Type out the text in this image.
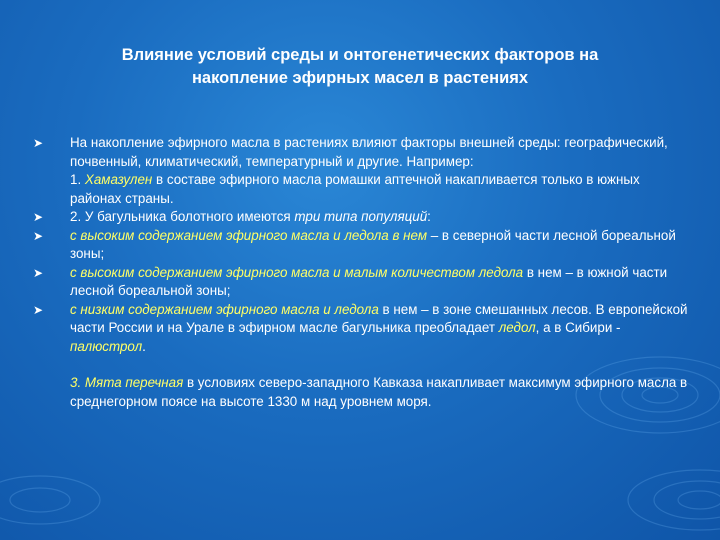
Влияние условий среды и онтогенетических факторов на
накопление эфирных масел в растениях
➤ На накопление эфирного масла в растениях влияют факторы внешней среды: географический, почвенный, климатический, температурный и другие. Например:
1. Хамазулен в составе эфирного масла ромашки аптечной накапливается только в южных районах страны.
➤ 2. У багульника болотного имеются три типа популяций:
➤ с высоким содержанием эфирного масла и ледола в нем – в северной части лесной бореальной зоны;
➤ с высоким содержанием эфирного масла и малым количеством ледола в нем – в южной части лесной бореальной зоны;
➤ с низким содержанием эфирного масла и ледола в нем – в зоне смешанных лесов. В европейской части России и на Урале в эфирном масле багульника преобладает ледол, а в Сибири - палюстрол.
3. Мята перечная в условиях северо-западного Кавказа накапливает максимум эфирного масла в среднегорном поясе на высоте 1330 м над уровнем моря.
